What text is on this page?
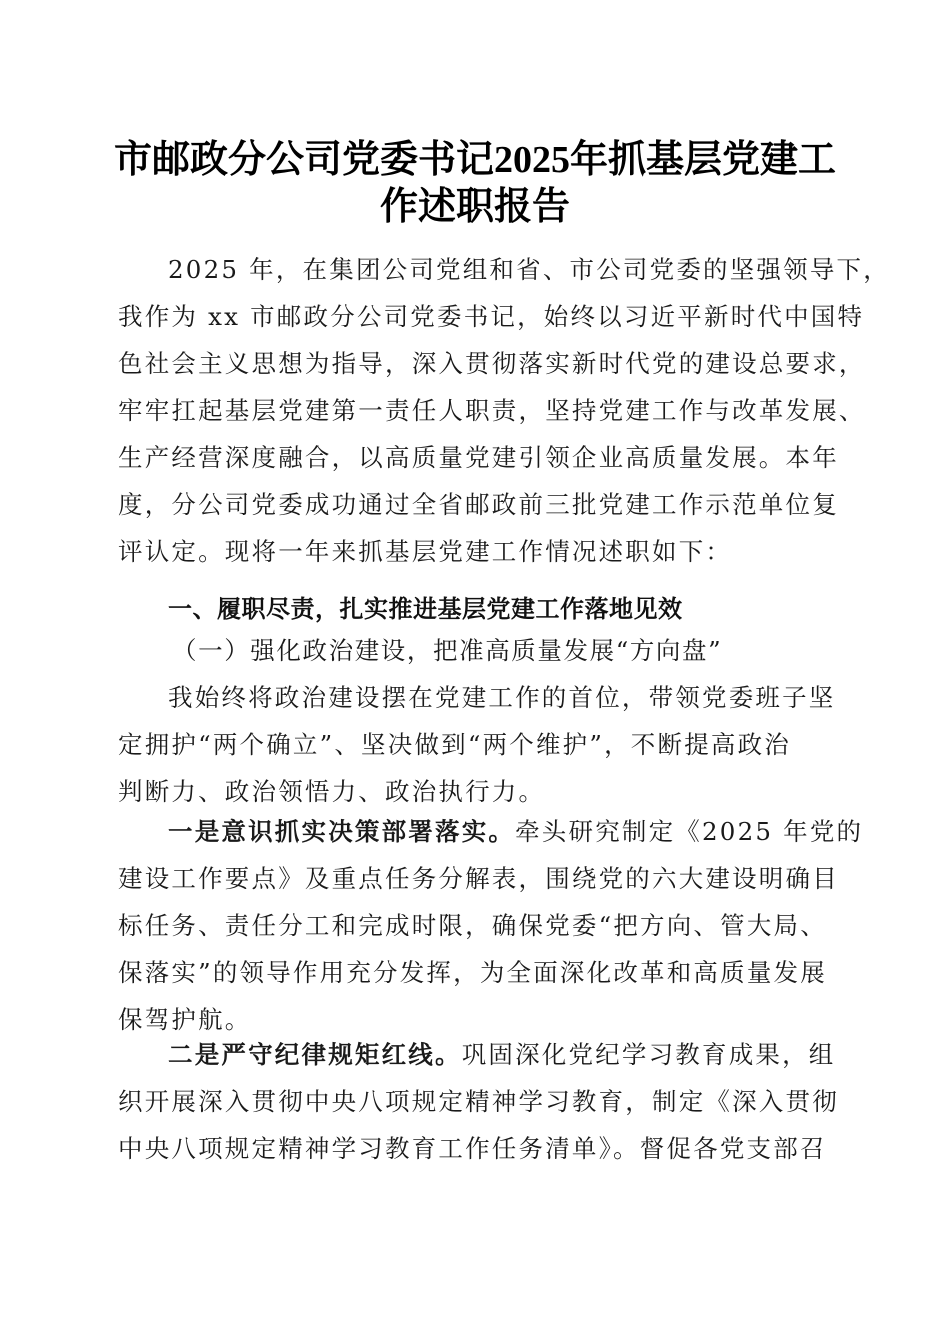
市邮政分公司党委书记2025年抓基层党建工
作述职报告
2025 年，在集团公司党组和省、市公司党委的坚强领导下，
我作为 xx 市邮政分公司党委书记，始终以习近平新时代中国特
色社会主义思想为指导，深入贯彻落实新时代党的建设总要求，
牢牢扛起基层党建第一责任人职责，坚持党建工作与改革发展、
生产经营深度融合，以高质量党建引领企业高质量发展。本年
度，分公司党委成功通过全省邮政前三批党建工作示范单位复
评认定。现将一年来抓基层党建工作情况述职如下：
一、履职尽责，扎实推进基层党建工作落地见效
（一）强化政治建设，把准高质量发展“方向盘”
我始终将政治建设摆在党建工作的首位，带领党委班子坚
定拥护“两个确立”、坚决做到“两个维护”，不断提高政治
判断力、政治领悟力、政治执行力。
一是意识抓实决策部署落实。牵头研究制定《2025 年党的
建设工作要点》及重点任务分解表，围绕党的六大建设明确目
标任务、责任分工和完成时限，确保党委“把方向、管大局、
保落实”的领导作用充分发挥，为全面深化改革和高质量发展
保驾护航。
二是严守纪律规矩红线。巩固深化党纪学习教育成果，组
织开展深入贯彻中央八项规定精神学习教育，制定《深入贯彻
中央八项规定精神学习教育工作任务清单》。督促各党支部召
